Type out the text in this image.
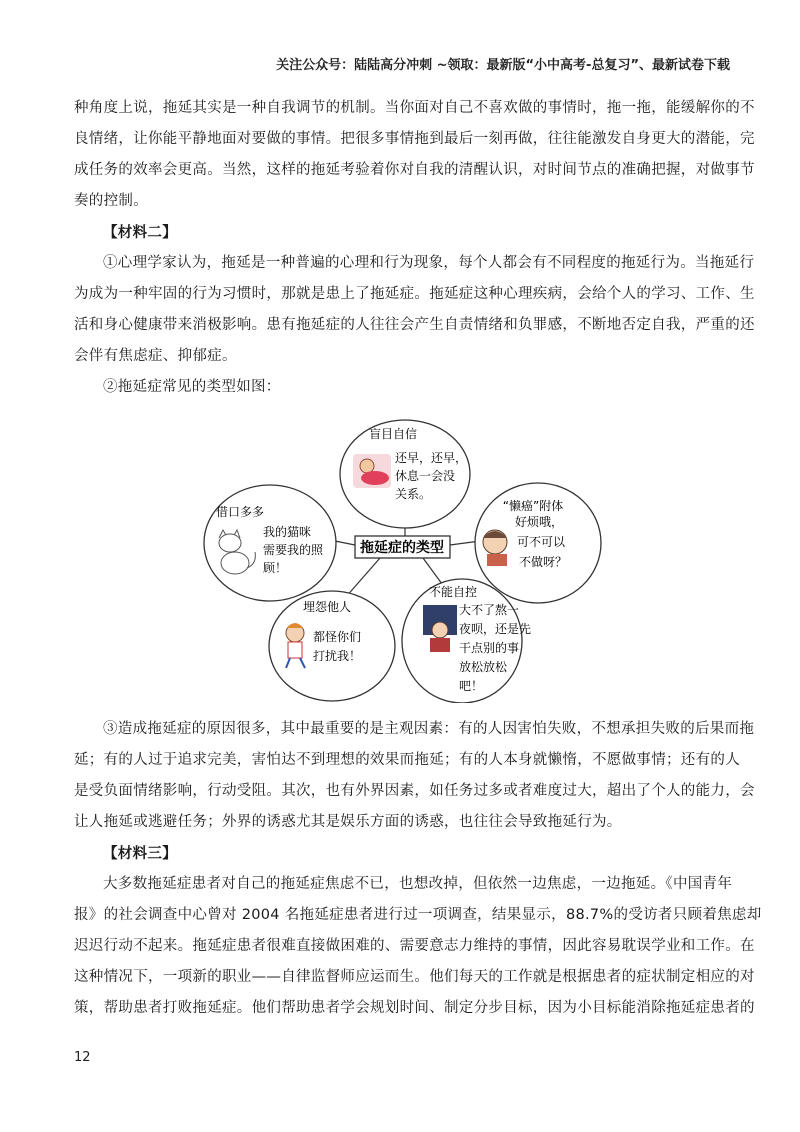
关注公众号：陆陆高分冲刺 ~领取：最新版“小中高考-总复习”、最新试卷下载
种角度上说，拖延其实是一种自我调节的机制。当你面对自己不喜欢做的事情时，拖一拖，能缓解你的不
良情绪，让你能平静地面对要做的事情。把很多事情拖到最后一刻再做，往往能激发自身更大的潜能，完
成任务的效率会更高。当然，这样的拖延考验着你对自我的清醒认识，对时间节点的准确把握，对做事节
奏的控制。
【材料二】
①心理学家认为，拖延是一种普遍的心理和行为现象，每个人都会有不同程度的拖延行为。当拖延行
为成为一种牢固的行为习惯时，那就是患上了拖延症。拖延症这种心理疾病，会给个人的学习、工作、生
活和身心健康带来消极影响。患有拖延症的人往往会产生自责情绪和负罪感，不断地否定自我，严重的还
会伴有焦虑症、抑郁症。
②拖延症常见的类型如图：
拖延症的类型
盲目自信
还早，还早，
休息一会没
关系。
借口多多
我的猫咪
需要我的照
顾！
“懒癌”附体
好烦哦，
可不可以
不做呀？
埋怨他人
都怪你们
打扰我！
不能自控
大不了熬一
夜呗，还是先
干点别的事
放松放松
吧！
③造成拖延症的原因很多，其中最重要的是主观因素：有的人因害怕失败，不想承担失败的后果而拖
延；有的人过于追求完美，害怕达不到理想的效果而拖延；有的人本身就懒惰，不愿做事情；还有的人
是受负面情绪影响，行动受阻。其次，也有外界因素，如任务过多或者难度过大，超出了个人的能力，会
让人拖延或逃避任务；外界的诱惑尤其是娱乐方面的诱惑，也往往会导致拖延行为。
【材料三】
大多数拖延症患者对自己的拖延症焦虑不已，也想改掉，但依然一边焦虑，一边拖延。《中国青年
报》的社会调查中心曾对 2004 名拖延症患者进行过一项调查，结果显示，88.7%的受访者只顾着焦虑却
迟迟行动不起来。拖延症患者很难直接做困难的、需要意志力维持的事情，因此容易耽误学业和工作。在
这种情况下，一项新的职业——自律监督师应运而生。他们每天的工作就是根据患者的症状制定相应的对
策，帮助患者打败拖延症。他们帮助患者学会规划时间、制定分步目标，因为小目标能消除拖延症患者的
12
